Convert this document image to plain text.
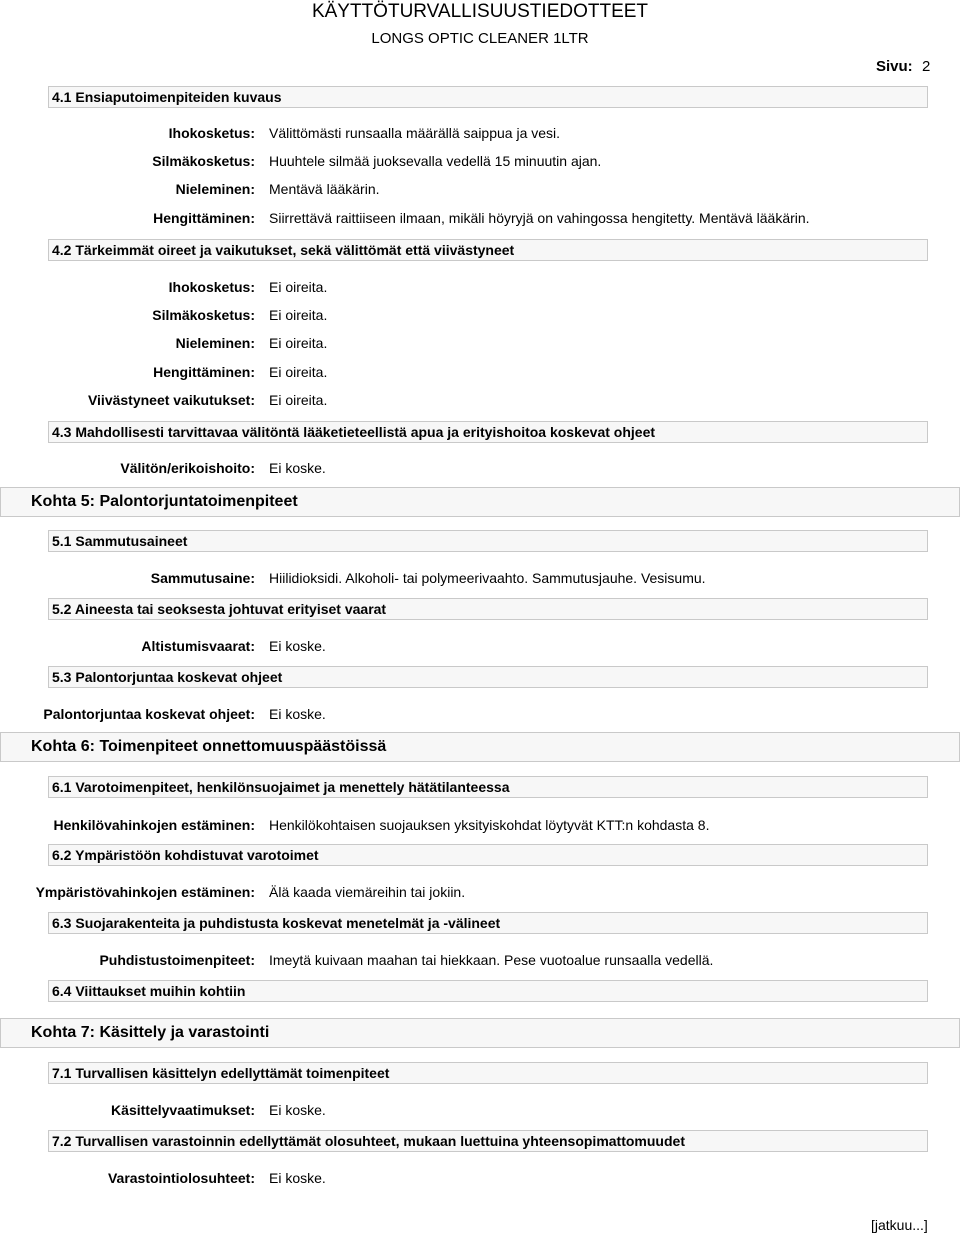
KÄYTTÖTURVALLISUUSTIEDOTTEET
LONGS OPTIC CLEANER 1LTR
Sivu: 2
4.1 Ensiaputoimenpiteiden kuvaus
Ihokosketus: Välittömästi runsaalla määrällä saippua ja vesi.
Silmäkosketus: Huuhtele silmää juoksevalla vedellä 15 minuutin ajan.
Nieleminen: Mentävä lääkärin.
Hengittäminen: Siirrettävä raittiiseen ilmaan, mikäli höyryjä on vahingossa hengitetty. Mentävä lääkärin.
4.2 Tärkeimmät oireet ja vaikutukset, sekä välittömät että viivästyneet
Ihokosketus: Ei oireita.
Silmäkosketus: Ei oireita.
Nieleminen: Ei oireita.
Hengittäminen: Ei oireita.
Viivästyneet vaikutukset: Ei oireita.
4.3 Mahdollisesti tarvittavaa välitöntä lääketieteellistä apua ja erityishoitoa koskevat ohjeet
Välitön/erikoishoito: Ei koske.
Kohta 5: Palontorjuntatoimenpiteet
5.1 Sammutusaineet
Sammutusaine: Hiilidioksidi. Alkoholi- tai polymeerivaahto. Sammutusjauhe. Vesisumu.
5.2 Aineesta tai seoksesta johtuvat erityiset vaarat
Altistumisvaarat: Ei koske.
5.3 Palontorjuntaa koskevat ohjeet
Palontorjuntaa koskevat ohjeet: Ei koske.
Kohta 6: Toimenpiteet onnettomuuspäästöissä
6.1 Varotoimenpiteet, henkilönsuojaimet ja menettely hätätilanteessa
Henkilövahinkojen estäminen: Henkilökohtaisen suojauksen yksityiskohdat löytyvät KTT:n kohdasta 8.
6.2 Ympäristöön kohdistuvat varotoimet
Ympäristövahinkojen estäminen: Älä kaada viemäreihin tai jokiin.
6.3 Suojarakenteita ja puhdistusta koskevat menetelmät ja -välineet
Puhdistustoimenpiteet: Imeytä kuivaan maahan tai hiekkaan. Pese vuotoalue runsaalla vedellä.
6.4 Viittaukset muihin kohtiin
Kohta 7: Käsittely ja varastointi
7.1 Turvallisen käsittelyn edellyttämät toimenpiteet
Käsittelyvaatimukset: Ei koske.
7.2 Turvallisen varastoinnin edellyttämät olosuhteet, mukaan luettuina yhteensopimattomuudet
Varastointiolosuhteet: Ei koske.
[jatkuu...]
